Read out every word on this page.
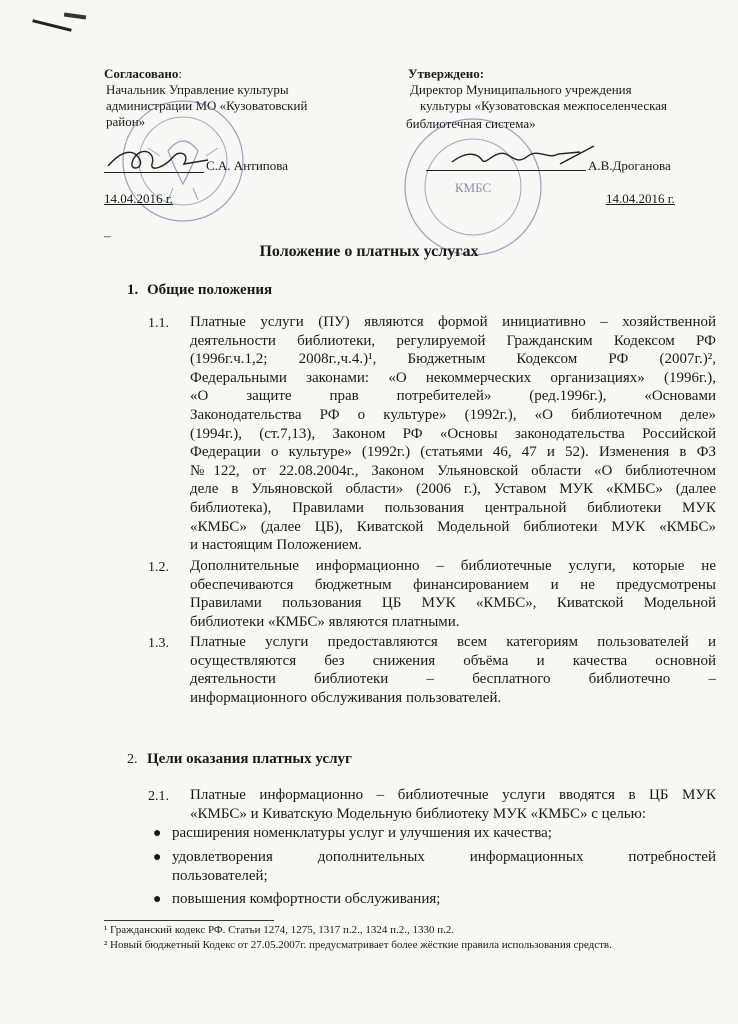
Согласовано:
Начальник Управление культуры
администрации МО «Кузоватовский
район»
С.А. Антипова
14.04.2016 г.
–
Утверждено:
Директор Муниципального учреждения
культуры «Кузоватовская межпоселенческая
библиотечная система»
КМБС
А.В.Дроганова
14.04.2016 г.
Положение о платных услугах
1. Общие положения
1.1. Платные услуги (ПУ) являются формой инициативно – хозяйственной
деятельности библиотеки, регулируемой Гражданским Кодексом РФ
(1996г.ч.1,2; 2008г.,ч.4.)¹, Бюджетным Кодексом РФ (2007г.)²,
Федеральными законами: «О некоммерческих организациях» (1996г.),
«О защите прав потребителей» (ред.1996г.), «Основами
Законодательства РФ о культуре» (1992г.), «О библиотечном деле»
(1994г.), (ст.7,13), Законом РФ «Основы законодательства Российской
Федерации о культуре» (1992г.) (статьями 46, 47 и 52). Изменения в ФЗ
№122, от 22.08.2004г., Законом Ульяновской области «О библиотечном
деле в Ульяновской области» (2006 г.), Уставом МУК «КМБС» (далее
библиотека), Правилами пользования центральной библиотеки МУК
«КМБС» (далее ЦБ), Киватской Модельной библиотеки МУК «КМБС»
и настоящим Положением.
1.2. Дополнительные информационно – библиотечные услуги, которые не
обеспечиваются бюджетным финансированием и не предусмотрены
Правилами пользования ЦБ МУК «КМБС», Киватской Модельной
библиотеки «КМБС» являются платными.
1.3. Платные услуги предоставляются всем категориям пользователей и
осуществляются без снижения объёма и качества основной
деятельности библиотеки – бесплатного библиотечно –
информационного обслуживания пользователей.
2. Цели оказания платных услуг
2.1. Платные информационно – библиотечные услуги вводятся в ЦБ МУК
«КМБС» и Киватскую Модельную библиотеку МУК «КМБС» с целью:
● расширения номенклатуры услуг и улучшения их качества;
● удовлетворения дополнительных информационных потребностей
пользователей;
● повышения комфортности обслуживания;
¹ Гражданский кодекс РФ. Статьи 1274, 1275, 1317 п.2., 1324 п.2., 1330 п.2.
² Новый бюджетный Кодекс от 27.05.2007г. предусматривает более жёсткие правила использования средств.
